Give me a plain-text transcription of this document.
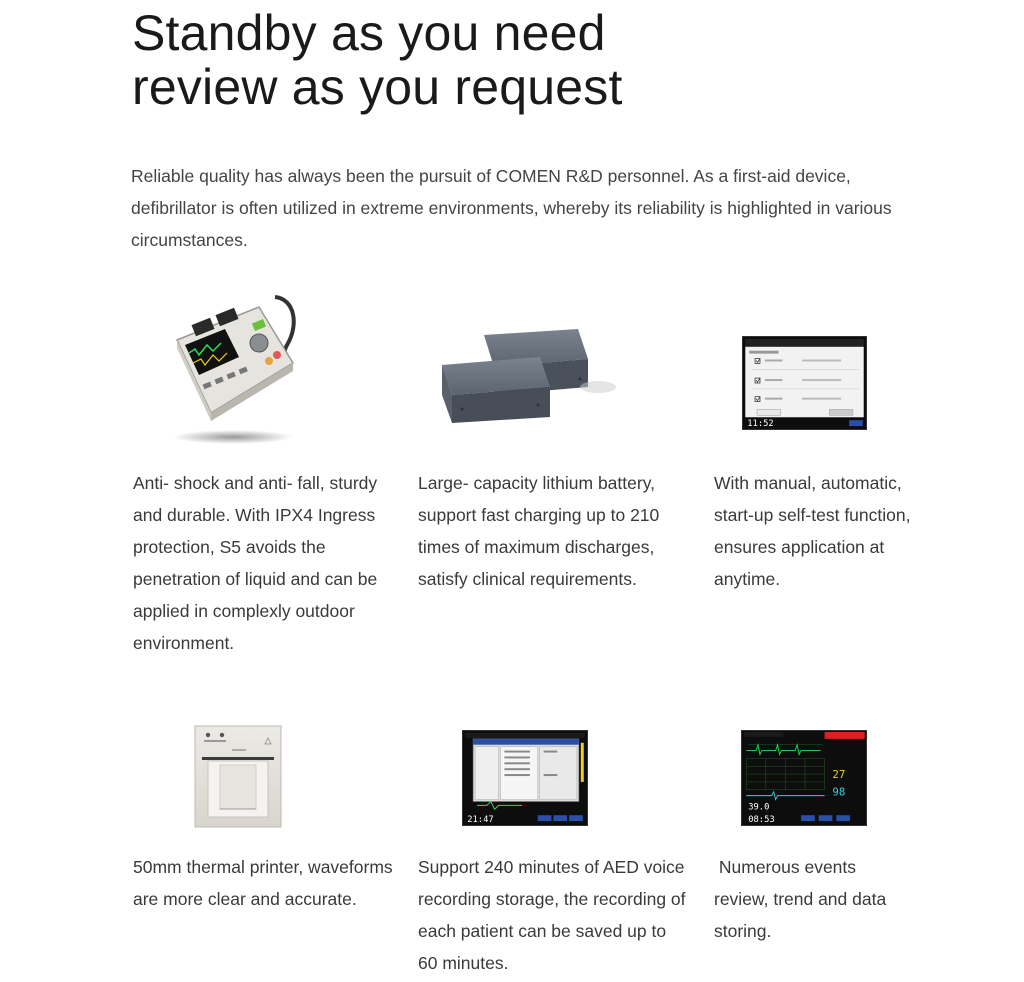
Standby as you need
review as you request

Reliable quality has always been the pursuit of COMEN R&D personnel. As a first-aid device, defibrillator is often utilized in extreme environments, whereby its reliability is highlighted in various circumstances.

Anti- shock and anti- fall, sturdy and durable. With IPX4 Ingress protection, S5 avoids the penetration of liquid and can be applied in complexly outdoor environment.

Large- capacity lithium battery, support fast charging up to 210 times of maximum discharges, satisfy clinical requirements.

11:52

With manual, automatic, start-up self-test function, ensures application at anytime.

50mm thermal printer, waveforms are more clear and accurate.

21:47

Support 240 minutes of AED voice recording storage, the recording of each patient can be saved up to 60 minutes.

27
98
39.0
08:53

Numerous events review, trend and data storing.
